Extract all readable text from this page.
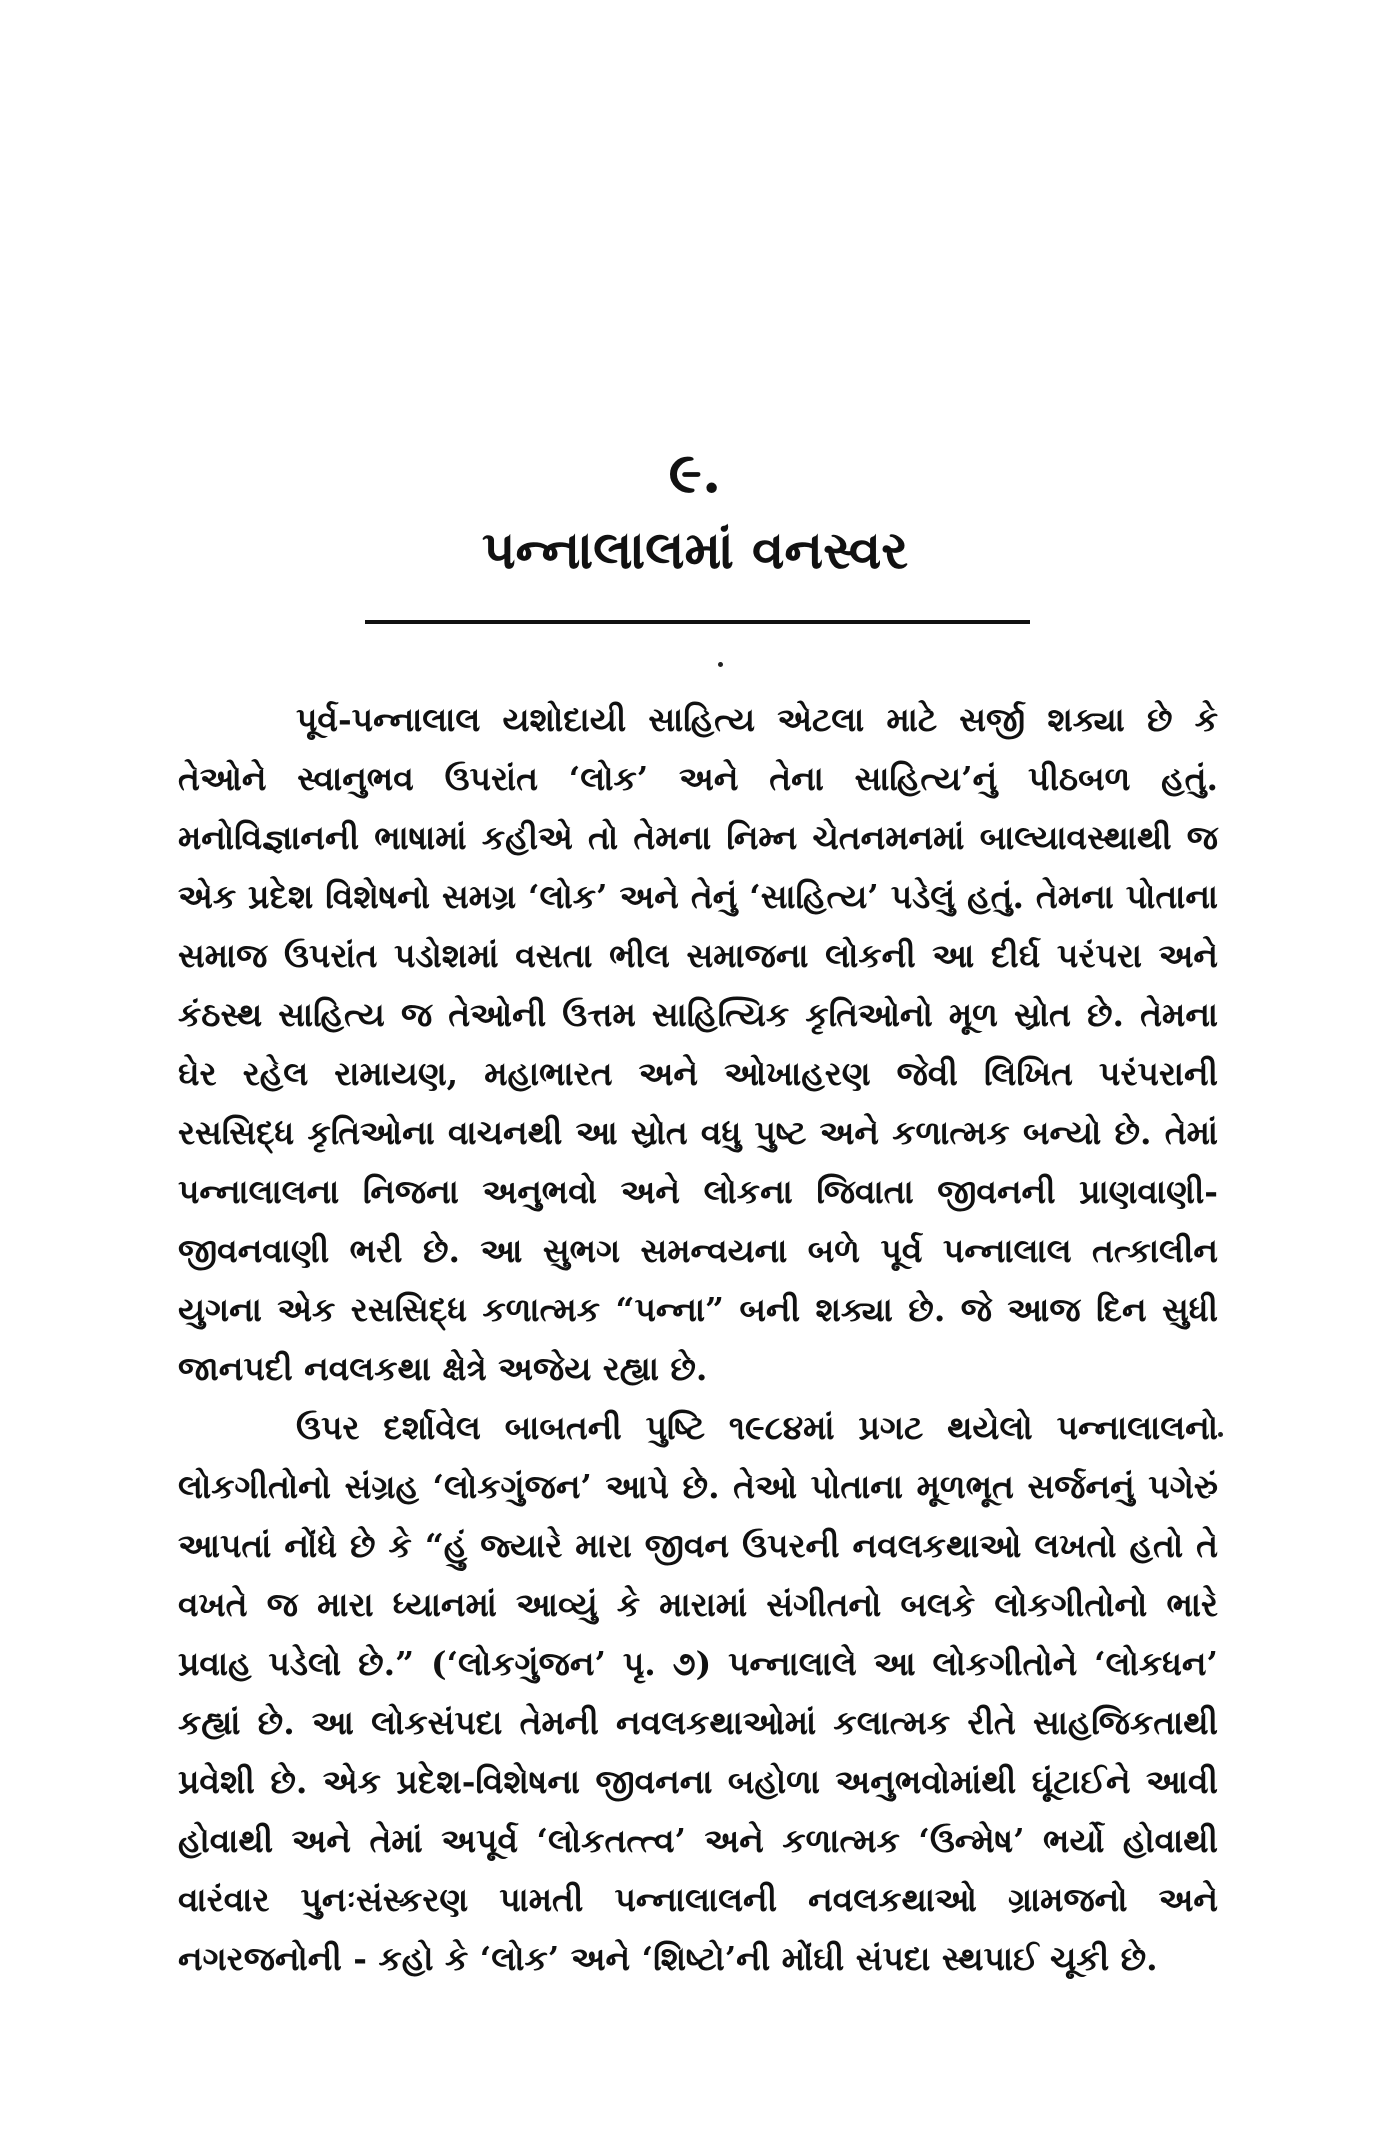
૯.
પન્નાલાલમાં વનસ્વર

પૂર્વ-પન્નાલાલ યશોદાયી સાહિત્ય એટલા માટે સર્જી શક્યા છે કે તેઓને સ્વાનુભવ ઉપરાંત ‘લોક’ અને તેના સાહિત્ય’નું પીઠબળ હતું. મનોવિજ્ઞાનની ભાષામાં કહીએ તો તેમના નિમ્ન ચેતનમનમાં બાલ્યાવસ્થાથી જ એક પ્રદેશ વિશેષનો સમગ્ર ‘લોક’ અને તેનું ‘સાહિત્ય’ પડેલું હતું. તેમના પોતાના સમાજ ઉપરાંત પડોશમાં વસતા ભીલ સમાજના લોકની આ દીર્ઘ પરંપરા અને કંઠસ્થ સાહિત્ય જ તેઓની ઉત્તમ સાહિત્યિક કૃતિઓનો મૂળ સ્રોત છે. તેમના ઘેર રહેલ રામાયણ, મહાભારત અને ઓખાહરણ જેવી લિખિત પરંપરાની રસસિદ્ધ કૃતિઓના વાચનથી આ સ્રોત વધુ પુષ્ટ અને કળાત્મક બન્યો છે. તેમાં પન્નાલાલના નિજના અનુભવો અને લોકના જિવાતા જીવનની પ્રાણવાણી-જીવનવાણી ભરી છે. આ સુભગ સમન્વયના બળે પૂર્વ પન્નાલાલ તત્કાલીન યુગના એક રસસિદ્ધ કળાત્મક “પન્ના” બની શક્યા છે. જે આજ દિન સુધી જાનપદી નવલકથા ક્ષેત્રે અજેય રહ્યા છે.

ઉપર દર્શાવેલ બાબતની પુષ્ટિ ૧૯૮૪માં પ્રગટ થયેલો પન્નાલાલનો લોકગીતોનો સંગ્રહ ‘લોકગુંજન’ આપે છે. તેઓ પોતાના મૂળભૂત સર્જનનું પગેરું આપતાં નોંધે છે કે “હું જ્યારે મારા જીવન ઉપરની નવલકથાઓ લખતો હતો તે વખતે જ મારા ધ્યાનમાં આવ્યું કે મારામાં સંગીતનો બલકે લોકગીતોનો ભારે પ્રવાહ પડેલો છે.” (‘લોકગુંજન’ પૃ. ૭) પન્નાલાલે આ લોકગીતોને ‘લોકધન’ કહ્યાં છે. આ લોકસંપદા તેમની નવલકથાઓમાં કલાત્મક રીતે સાહજિકતાથી પ્રવેશી છે. એક પ્રદેશ-વિશેષના જીવનના બહોળા અનુભવોમાંથી ઘૂંટાઈને આવી હોવાથી અને તેમાં અપૂર્વ ‘લોકતત્ત્વ’ અને કળાત્મક ‘ઉન્મેષ’ ભર્યો હોવાથી વારંવાર પુનઃસંસ્કરણ પામતી પન્નાલાલની નવલકથાઓ ગ્રામજનો અને નગરજનોની - કહો કે ‘લોક’ અને ‘શિષ્ટો’ની મોંઘી સંપદા સ્થપાઈ ચૂકી છે.
